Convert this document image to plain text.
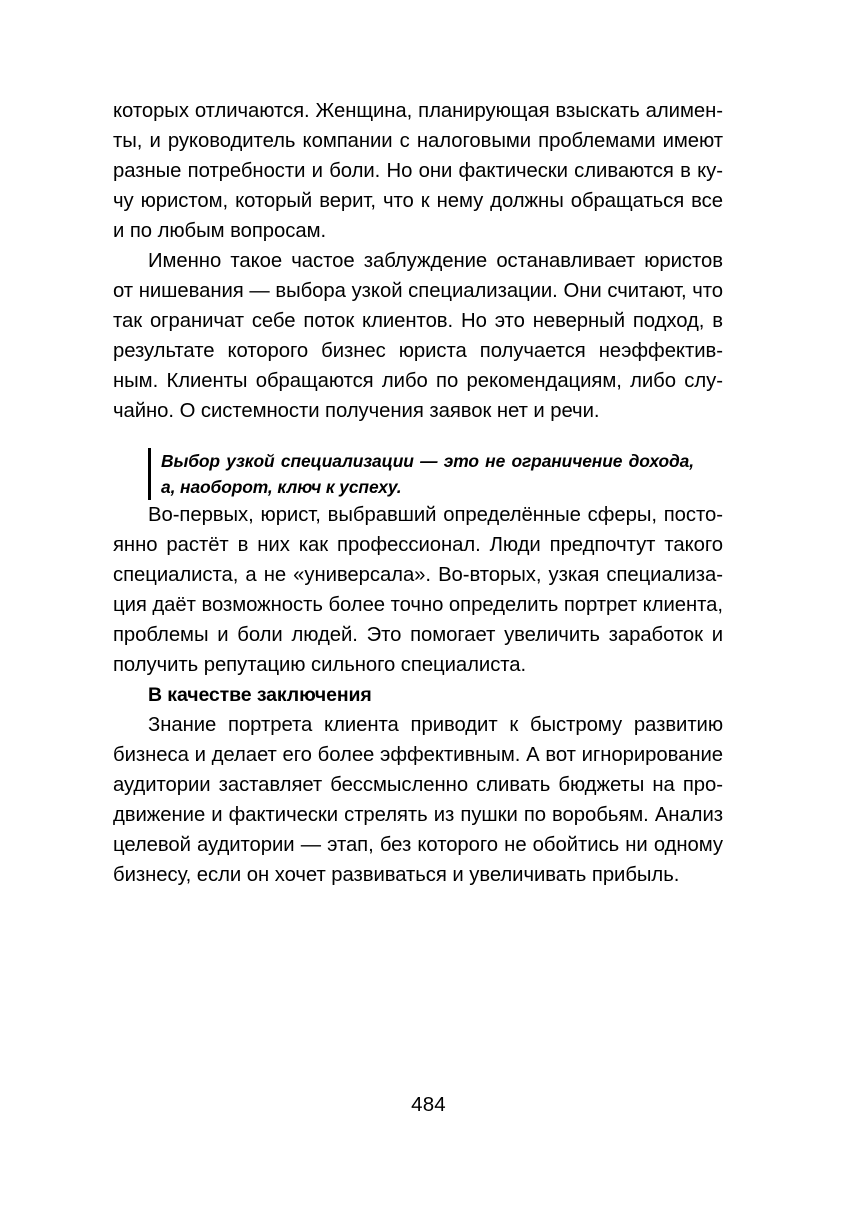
которых отличаются. Женщина, планирующая взыскать алименты, и руководитель компании с налоговыми проблемами имеют разные потребности и боли. Но они фактически сливаются в кучу юристом, который верит, что к нему должны обращаться все и по любым вопросам.

Именно такое частое заблуждение останавливает юристов от нишевания — выбора узкой специализации. Они считают, что так ограничат себе поток клиентов. Но это неверный подход, в результате которого бизнес юриста получается неэффективным. Клиенты обращаются либо по рекомендациям, либо случайно. О системности получения заявок нет и речи.

Выбор узкой специализации — это не ограничение дохода, а, наоборот, ключ к успеху.

Во-первых, юрист, выбравший определённые сферы, постоянно растёт в них как профессионал. Люди предпочтут такого специалиста, а не «универсала». Во-вторых, узкая специализация даёт возможность более точно определить портрет клиента, проблемы и боли людей. Это помогает увеличить заработок и получить репутацию сильного специалиста.

В качестве заключения

Знание портрета клиента приводит к быстрому развитию бизнеса и делает его более эффективным. А вот игнорирование аудитории заставляет бессмысленно сливать бюджеты на продвижение и фактически стрелять из пушки по воробьям. Анализ целевой аудитории — этап, без которого не обойтись ни одному бизнесу, если он хочет развиваться и увеличивать прибыль.

484
